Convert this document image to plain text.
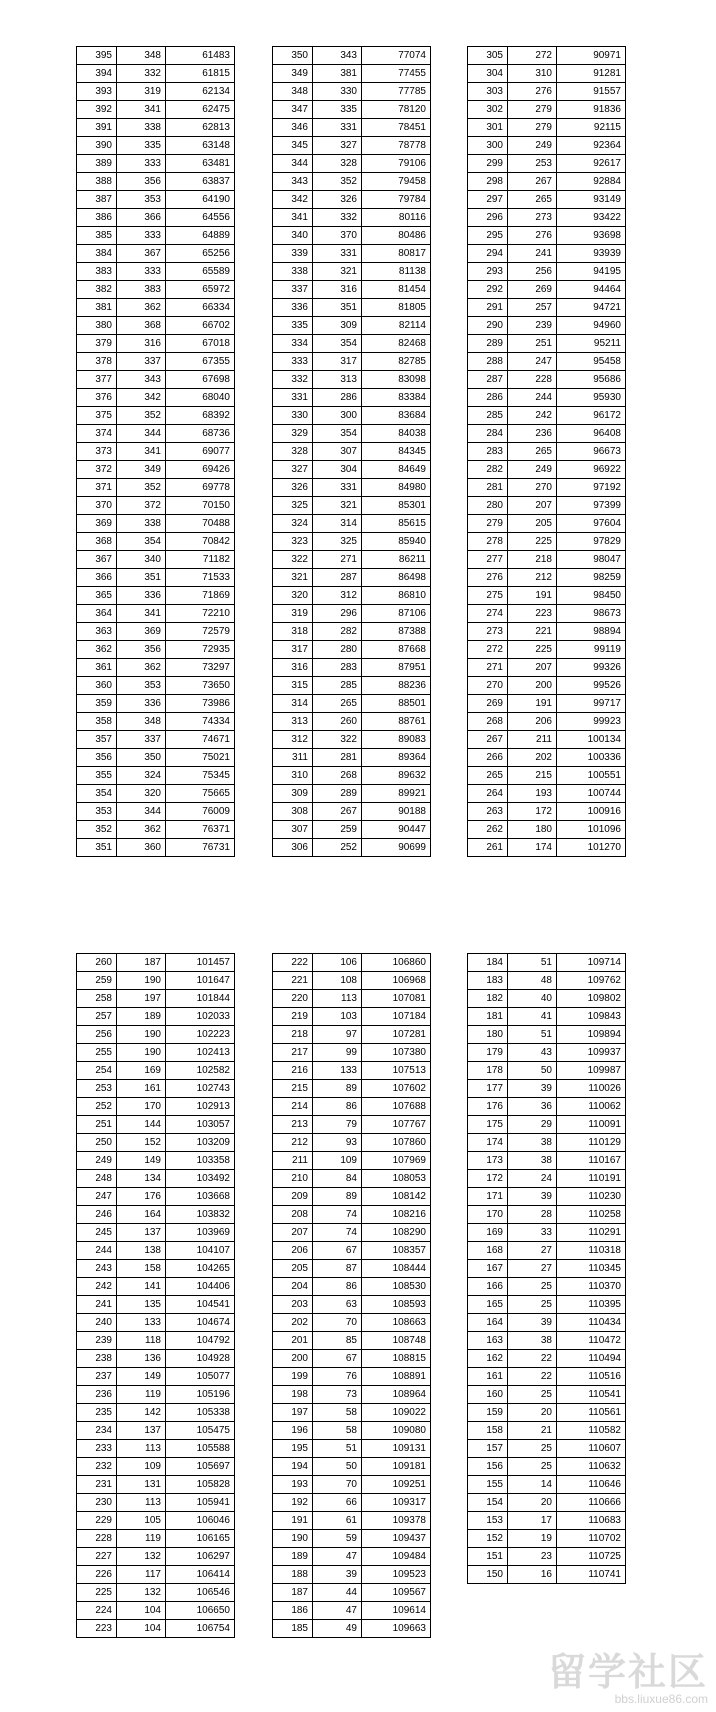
395	348	61483
394	332	61815
393	319	62134
392	341	62475
391	338	62813
390	335	63148
389	333	63481
388	356	63837
387	353	64190
386	366	64556
385	333	64889
384	367	65256
383	333	65589
382	383	65972
381	362	66334
380	368	66702
379	316	67018
378	337	67355
377	343	67698
376	342	68040
375	352	68392
374	344	68736
373	341	69077
372	349	69426
371	352	69778
370	372	70150
369	338	70488
368	354	70842
367	340	71182
366	351	71533
365	336	71869
364	341	72210
363	369	72579
362	356	72935
361	362	73297
360	353	73650
359	336	73986
358	348	74334
357	337	74671
356	350	75021
355	324	75345
354	320	75665
353	344	76009
352	362	76371
351	360	76731
350	343	77074
349	381	77455
348	330	77785
347	335	78120
346	331	78451
345	327	78778
344	328	79106
343	352	79458
342	326	79784
341	332	80116
340	370	80486
339	331	80817
338	321	81138
337	316	81454
336	351	81805
335	309	82114
334	354	82468
333	317	82785
332	313	83098
331	286	83384
330	300	83684
329	354	84038
328	307	84345
327	304	84649
326	331	84980
325	321	85301
324	314	85615
323	325	85940
322	271	86211
321	287	86498
320	312	86810
319	296	87106
318	282	87388
317	280	87668
316	283	87951
315	285	88236
314	265	88501
313	260	88761
312	322	89083
311	281	89364
310	268	89632
309	289	89921
308	267	90188
307	259	90447
306	252	90699
305	272	90971
304	310	91281
303	276	91557
302	279	91836
301	279	92115
300	249	92364
299	253	92617
298	267	92884
297	265	93149
296	273	93422
295	276	93698
294	241	93939
293	256	94195
292	269	94464
291	257	94721
290	239	94960
289	251	95211
288	247	95458
287	228	95686
286	244	95930
285	242	96172
284	236	96408
283	265	96673
282	249	96922
281	270	97192
280	207	97399
279	205	97604
278	225	97829
277	218	98047
276	212	98259
275	191	98450
274	223	98673
273	221	98894
272	225	99119
271	207	99326
270	200	99526
269	191	99717
268	206	99923
267	211	100134
266	202	100336
265	215	100551
264	193	100744
263	172	100916
262	180	101096
261	174	101270
260	187	101457
259	190	101647
258	197	101844
257	189	102033
256	190	102223
255	190	102413
254	169	102582
253	161	102743
252	170	102913
251	144	103057
250	152	103209
249	149	103358
248	134	103492
247	176	103668
246	164	103832
245	137	103969
244	138	104107
243	158	104265
242	141	104406
241	135	104541
240	133	104674
239	118	104792
238	136	104928
237	149	105077
236	119	105196
235	142	105338
234	137	105475
233	113	105588
232	109	105697
231	131	105828
230	113	105941
229	105	106046
228	119	106165
227	132	106297
226	117	106414
225	132	106546
224	104	106650
223	104	106754
222	106	106860
221	108	106968
220	113	107081
219	103	107184
218	97	107281
217	99	107380
216	133	107513
215	89	107602
214	86	107688
213	79	107767
212	93	107860
211	109	107969
210	84	108053
209	89	108142
208	74	108216
207	74	108290
206	67	108357
205	87	108444
204	86	108530
203	63	108593
202	70	108663
201	85	108748
200	67	108815
199	76	108891
198	73	108964
197	58	109022
196	58	109080
195	51	109131
194	50	109181
193	70	109251
192	66	109317
191	61	109378
190	59	109437
189	47	109484
188	39	109523
187	44	109567
186	47	109614
185	49	109663
184	51	109714
183	48	109762
182	40	109802
181	41	109843
180	51	109894
179	43	109937
178	50	109987
177	39	110026
176	36	110062
175	29	110091
174	38	110129
173	38	110167
172	24	110191
171	39	110230
170	28	110258
169	33	110291
168	27	110318
167	27	110345
166	25	110370
165	25	110395
164	39	110434
163	38	110472
162	22	110494
161	22	110516
160	25	110541
159	20	110561
158	21	110582
157	25	110607
156	25	110632
155	14	110646
154	20	110666
153	17	110683
152	19	110702
151	23	110725
150	16	110741
留学社区
bbs.liuxue86.com
